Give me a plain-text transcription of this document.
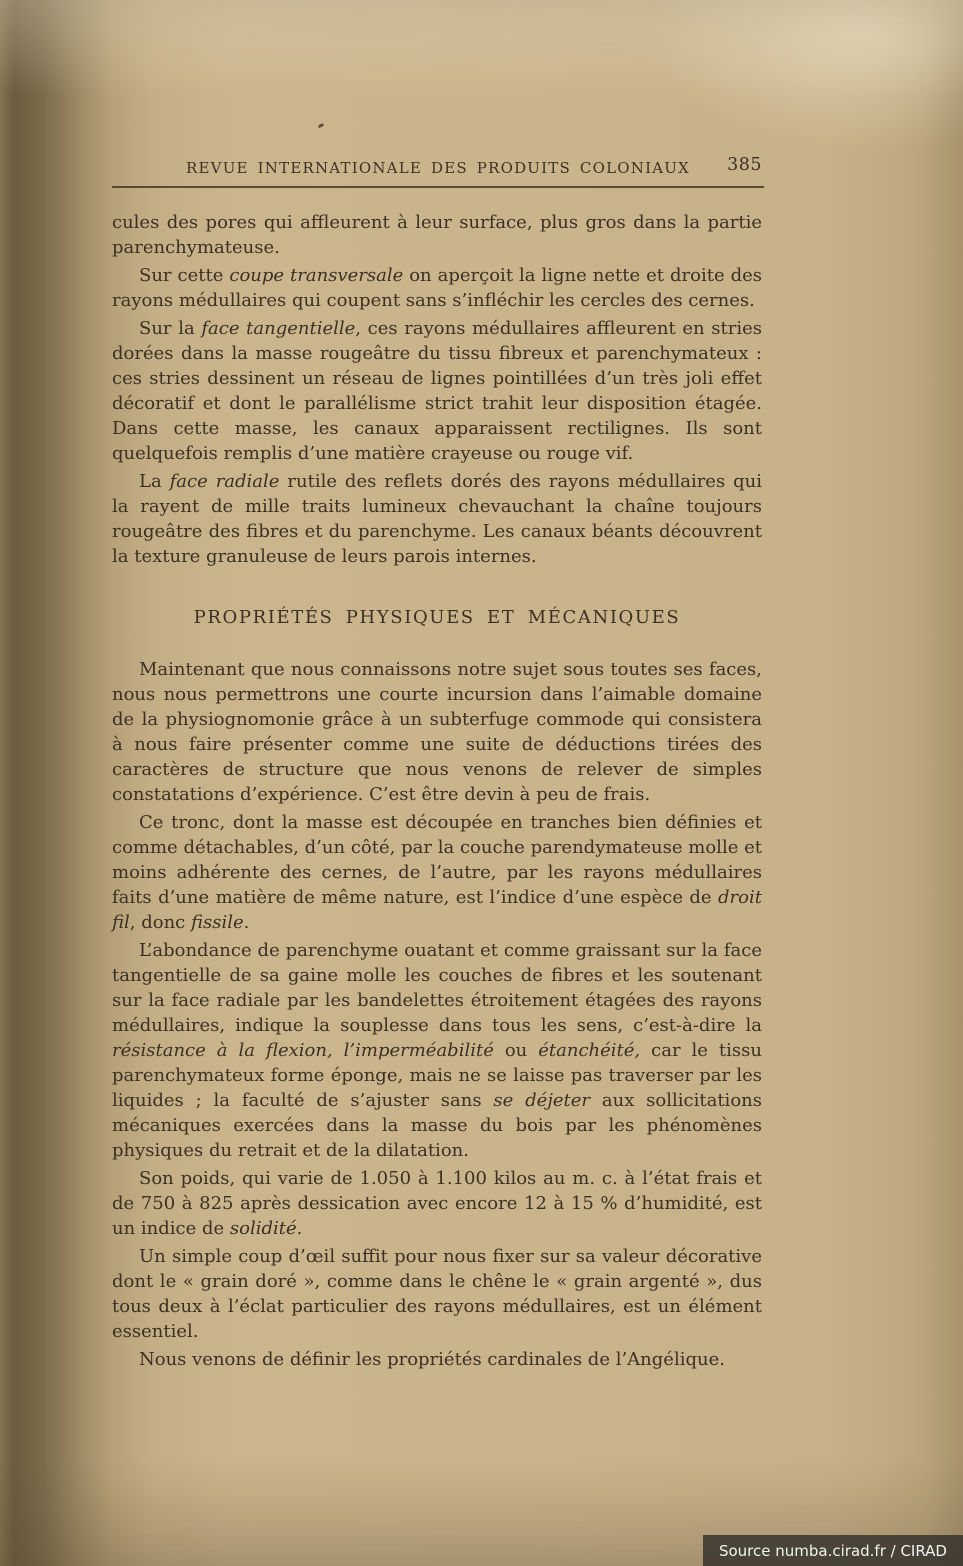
REVUE INTERNATIONALE DES PRODUITS COLONIAUX 385

cules des pores qui affleurent à leur surface, plus gros dans la partie parenchymateuse.

Sur cette coupe transversale on aperçoit la ligne nette et droite des rayons médullaires qui coupent sans s’infléchir les cercles des cernes.

Sur la face tangentielle, ces rayons médullaires affleurent en stries dorées dans la masse rougeâtre du tissu fibreux et parenchymateux : ces stries dessinent un réseau de lignes pointillées d’un très joli effet décoratif et dont le parallélisme strict trahit leur disposition étagée. Dans cette masse, les canaux apparaissent rectilignes. Ils sont quelquefois remplis d’une matière crayeuse ou rouge vif.

La face radiale rutile des reflets dorés des rayons médullaires qui la rayent de mille traits lumineux chevauchant la chaîne toujours rougeâtre des fibres et du parenchyme. Les canaux béants découvrent la texture granuleuse de leurs parois internes.

PROPRIÉTÉS PHYSIQUES ET MÉCANIQUES

Maintenant que nous connaissons notre sujet sous toutes ses faces, nous nous permettrons une courte incursion dans l’aimable domaine de la physiognomonie grâce à un subterfuge commode qui consistera à nous faire présenter comme une suite de déductions tirées des caractères de structure que nous venons de relever de simples constatations d’expérience. C’est être devin à peu de frais.

Ce tronc, dont la masse est découpée en tranches bien définies et comme détachables, d’un côté, par la couche parendymateuse molle et moins adhérente des cernes, de l’autre, par les rayons médullaires faits d’une matière de même nature, est l’indice d’une espèce de droit fil, donc fissile.

L’abondance de parenchyme ouatant et comme graissant sur la face tangentielle de sa gaine molle les couches de fibres et les soutenant sur la face radiale par les bandelettes étroitement étagées des rayons médullaires, indique la souplesse dans tous les sens, c’est-à-dire la résistance à la flexion, l’imperméabilité ou étanchéité, car le tissu parenchymateux forme éponge, mais ne se laisse pas traverser par les liquides ; la faculté de s’ajuster sans se déjeter aux sollicitations mécaniques exercées dans la masse du bois par les phénomènes physiques du retrait et de la dilatation.

Son poids, qui varie de 1.050 à 1.100 kilos au m. c. à l’état frais et de 750 à 825 après dessication avec encore 12 à 15 % d’humidité, est un indice de solidité.

Un simple coup d’œil suffit pour nous fixer sur sa valeur décorative dont le « grain doré », comme dans le chêne le « grain argenté », dus tous deux à l’éclat particulier des rayons médullaires, est un élément essentiel.

Nous venons de définir les propriétés cardinales de l’Angélique.

Source numba.cirad.fr / CIRAD
